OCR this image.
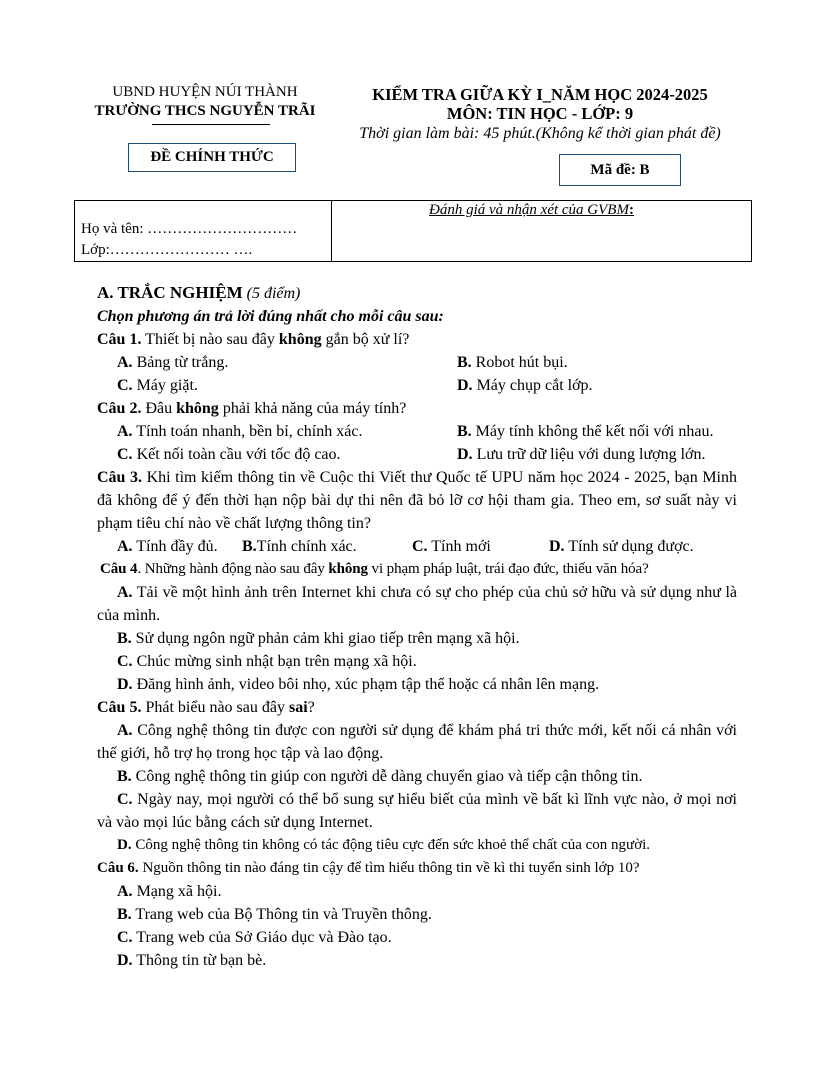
UBND HUYỆN NÚI THÀNH
TRƯỜNG THCS NGUYỄN TRÃI
ĐỀ CHÍNH THỨC
KIỂM TRA GIỮA KỲ I_NĂM HỌC 2024-2025
MÔN: TIN HỌC - LỚP: 9
Thời gian làm bài: 45 phút.(Không kể thời gian phát đề)
Mã đề: B
Họ và tên: …………………………
Lớp:…………………… ….
Đánh giá và nhận xét của GVBM:
A. TRẮC NGHIỆM (5 điểm)
Chọn phương án trả lời đúng nhất cho mỗi câu sau:
Câu 1. Thiết bị nào sau đây không gắn bộ xử lí?
A. Bảng từ trắng.	B. Robot hút bụi.
C. Máy giặt.	D. Máy chụp cắt lớp.
Câu 2. Đâu không phải khả năng của máy tính?
A. Tính toán nhanh, bền bỉ, chính xác.	B. Máy tính không thể kết nối với nhau.
C. Kết nối toàn cầu với tốc độ cao.	D. Lưu trữ dữ liệu với dung lượng lớn.
Câu 3. Khi tìm kiếm thông tin về Cuộc thi Viết thư Quốc tế UPU năm học 2024 - 2025, bạn Minh đã không để ý đến thời hạn nộp bài dự thi nên đã bỏ lỡ cơ hội tham gia. Theo em, sơ suất này vi phạm tiêu chí nào về chất lượng thông tin?
A. Tính đầy đủ. B.Tính chính xác.	C. Tính mới	D. Tính sử dụng được.
Câu 4. Những hành động nào sau đây không vi phạm pháp luật, trái đạo đức, thiếu văn hóa?
A. Tải về một hình ảnh trên Internet khi chưa có sự cho phép của chủ sở hữu và sử dụng như là của mình.
B. Sử dụng ngôn ngữ phản cảm khi giao tiếp trên mạng xã hội.
C. Chúc mừng sinh nhật bạn trên mạng xã hội.
D. Đăng hình ảnh, video bôi nhọ, xúc phạm tập thể hoặc cá nhân lên mạng.
Câu 5. Phát biểu nào sau đây sai?
A. Công nghệ thông tin được con người sử dụng để khám phá tri thức mới, kết nối cá nhân với thế giới, hỗ trợ họ trong học tập và lao động.
B. Công nghệ thông tin giúp con người dễ dàng chuyển giao và tiếp cận thông tin.
C. Ngày nay, mọi người có thể bổ sung sự hiểu biết của mình về bất kì lĩnh vực nào, ở mọi nơi và vào mọi lúc bằng cách sử dụng Internet.
D. Công nghệ thông tin không có tác động tiêu cực đến sức khoẻ thể chất của con người.
Câu 6. Nguồn thông tin nào đáng tin cậy để tìm hiểu thông tin về kì thi tuyển sinh lớp 10?
A. Mạng xã hội.
B. Trang web của Bộ Thông tin và Truyền thông.
C. Trang web của Sở Giáo dục và Đào tạo.
D. Thông tin từ bạn bè.
